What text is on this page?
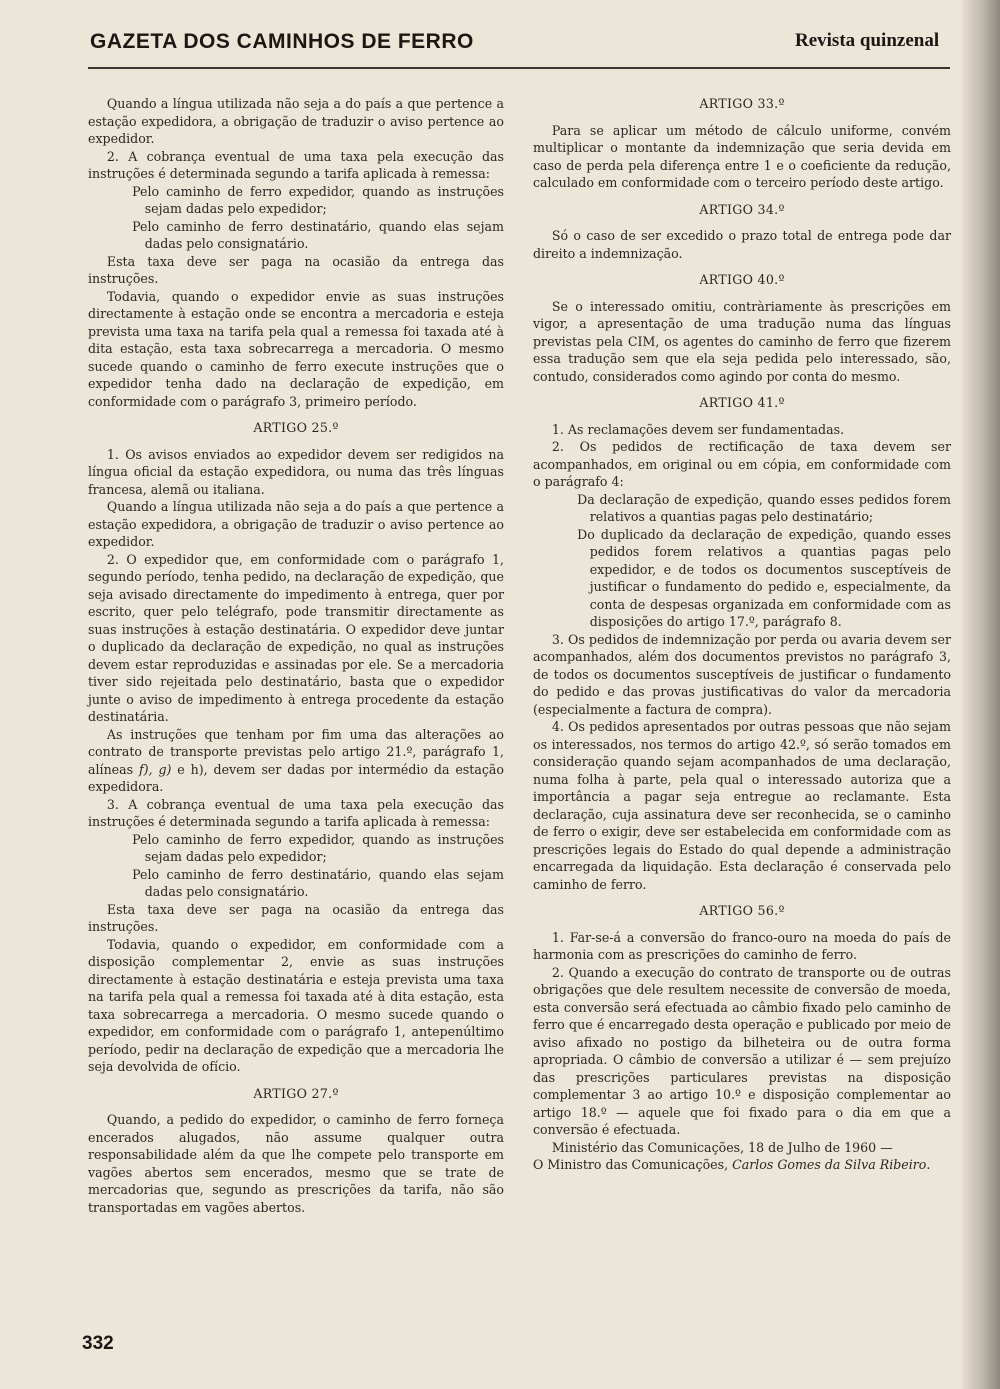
GAZETA DOS CAMINHOS DE FERRO	Revista quinzenal

Quando a língua utilizada não seja a do país a que pertence a estação expedidora, a obrigação de traduzir o aviso pertence ao expedidor.

2. A cobrança eventual de uma taxa pela execução das instruções é determinada segundo a tarifa aplicada à remessa:

Pelo caminho de ferro expedidor, quando as instruções sejam dadas pelo expedidor;

Pelo caminho de ferro destinatário, quando elas sejam dadas pelo consignatário.

Esta taxa deve ser paga na ocasião da entrega das instruções.

Todavia, quando o expedidor envie as suas instruções directamente à estação onde se encontra a mercadoria e esteja prevista uma taxa na tarifa pela qual a remessa foi taxada até à dita estação, esta taxa sobrecarrega a mercadoria. O mesmo sucede quando o caminho de ferro execute instruções que o expedidor tenha dado na declaração de expedição, em conformidade com o parágrafo 3, primeiro período.

ARTIGO 25.º

1. Os avisos enviados ao expedidor devem ser redigidos na língua oficial da estação expedidora, ou numa das três línguas francesa, alemã ou italiana.

Quando a língua utilizada não seja a do país a que pertence a estação expedidora, a obrigação de traduzir o aviso pertence ao expedidor.

2. O expedidor que, em conformidade com o parágrafo 1, segundo período, tenha pedido, na declaração de expedição, que seja avisado directamente do impedimento à entrega, quer por escrito, quer pelo telégrafo, pode transmitir directamente as suas instruções à estação destinatária. O expedidor deve juntar o duplicado da declaração de expedição, no qual as instruções devem estar reproduzidas e assinadas por ele. Se a mercadoria tiver sido rejeitada pelo destinatário, basta que o expedidor junte o aviso de impedimento à entrega procedente da estação destinatária.

As instruções que tenham por fim uma das alterações ao contrato de transporte previstas pelo artigo 21.º, parágrafo 1, alíneas f), g) e h), devem ser dadas por intermédio da estação expedidora.

3. A cobrança eventual de uma taxa pela execução das instruções é determinada segundo a tarifa aplicada à remessa:

Pelo caminho de ferro expedidor, quando as instruções sejam dadas pelo expedidor;

Pelo caminho de ferro destinatário, quando elas sejam dadas pelo consignatário.

Esta taxa deve ser paga na ocasião da entrega das instruções.

Todavia, quando o expedidor, em conformidade com a disposição complementar 2, envie as suas instruções directamente à estação destinatária e esteja prevista uma taxa na tarifa pela qual a remessa foi taxada até à dita estação, esta taxa sobrecarrega a mercadoria. O mesmo sucede quando o expedidor, em conformidade com o parágrafo 1, antepenúltimo período, pedir na declaração de expedição que a mercadoria lhe seja devolvida de ofício.

ARTIGO 27.º

Quando, a pedido do expedidor, o caminho de ferro forneça encerados alugados, não assume qualquer outra responsabilidade além da que lhe compete pelo transporte em vagões abertos sem encerados, mesmo que se trate de mercadorias que, segundo as prescrições da tarifa, não são transportadas em vagões abertos.

ARTIGO 33.º

Para se aplicar um método de cálculo uniforme, convém multiplicar o montante da indemnização que seria devida em caso de perda pela diferença entre 1 e o coeficiente da redução, calculado em conformidade com o terceiro período deste artigo.

ARTIGO 34.º

Só o caso de ser excedido o prazo total de entrega pode dar direito a indemnização.

ARTIGO 40.º

Se o interessado omitiu, contràriamente às prescrições em vigor, a apresentação de uma tradução numa das línguas previstas pela CIM, os agentes do caminho de ferro que fizerem essa tradução sem que ela seja pedida pelo interessado, são, contudo, considerados como agindo por conta do mesmo.

ARTIGO 41.º

1. As reclamações devem ser fundamentadas.

2. Os pedidos de rectificação de taxa devem ser acompanhados, em original ou em cópia, em conformidade com o parágrafo 4:

Da declaração de expedição, quando esses pedidos forem relativos a quantias pagas pelo destinatário;

Do duplicado da declaração de expedição, quando esses pedidos forem relativos a quantias pagas pelo expedidor, e de todos os documentos susceptíveis de justificar o fundamento do pedido e, especialmente, da conta de despesas organizada em conformidade com as disposições do artigo 17.º, parágrafo 8.

3. Os pedidos de indemnização por perda ou avaria devem ser acompanhados, além dos documentos previstos no parágrafo 3, de todos os documentos susceptíveis de justificar o fundamento do pedido e das provas justificativas do valor da mercadoria (especialmente a factura de compra).

4. Os pedidos apresentados por outras pessoas que não sejam os interessados, nos termos do artigo 42.º, só serão tomados em consideração quando sejam acompanhados de uma declaração, numa folha à parte, pela qual o interessado autoriza que a importância a pagar seja entregue ao reclamante. Esta declaração, cuja assinatura deve ser reconhecida, se o caminho de ferro o exigir, deve ser estabelecida em conformidade com as prescrições legais do Estado do qual depende a administração encarregada da liquidação. Esta declaração é conservada pelo caminho de ferro.

ARTIGO 56.º

1. Far-se-á a conversão do franco-ouro na moeda do país de harmonia com as prescrições do caminho de ferro.

2. Quando a execução do contrato de transporte ou de outras obrigações que dele resultem necessite de conversão de moeda, esta conversão será efectuada ao câmbio fixado pelo caminho de ferro que é encarregado desta operação e publicado por meio de aviso afixado no postigo da bilheteira ou de outra forma apropriada. O câmbio de conversão a utilizar é — sem prejuízo das prescrições particulares previstas na disposição complementar 3 ao artigo 10.º e disposição complementar ao artigo 18.º — aquele que foi fixado para o dia em que a conversão é efectuada.

Ministério das Comunicações, 18 de Julho de 1960 —

O Ministro das Comunicações, Carlos Gomes da Silva Ribeiro.

332
